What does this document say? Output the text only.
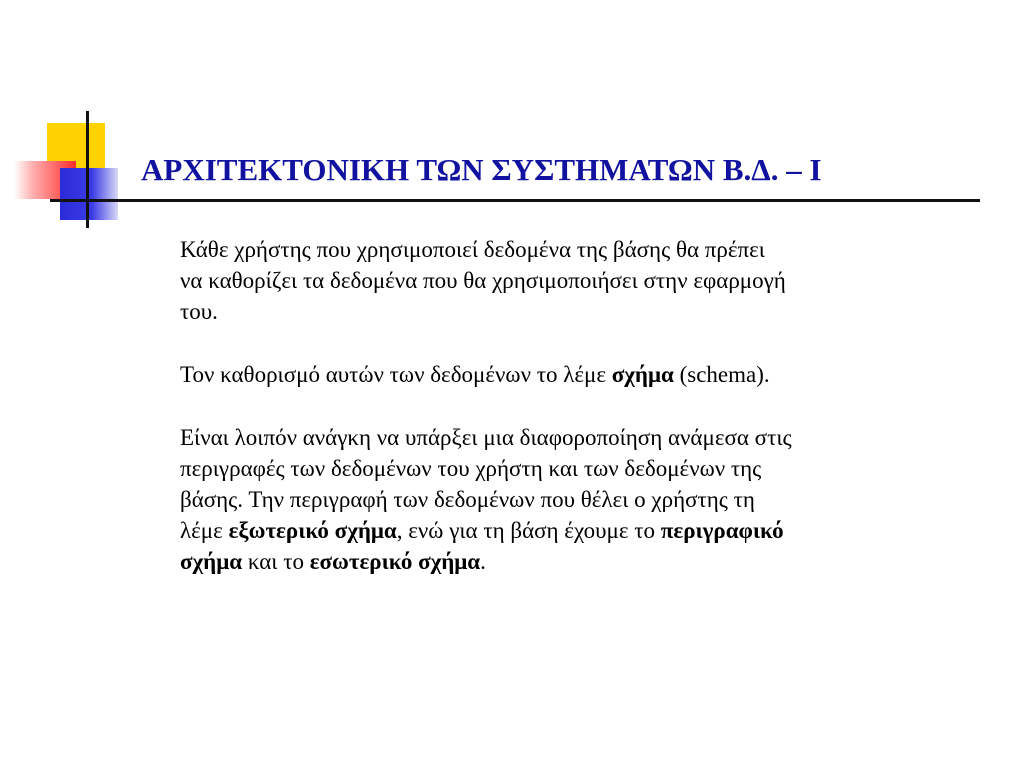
ΑΡΧΙΤΕΚΤΟΝΙΚΗ ΤΩΝ ΣΥΣΤΗΜΑΤΩΝ Β.Δ. – Ι

Κάθε χρήστης που χρησιμοποιεί δεδομένα της βάσης θα πρέπει
να καθορίζει τα δεδομένα που θα χρησιμοποιήσει στην εφαρμογή
του.

Τον καθορισμό αυτών των δεδομένων το λέμε σχήμα (schema).

Είναι λοιπόν ανάγκη να υπάρξει μια διαφοροποίηση ανάμεσα στις
περιγραφές των δεδομένων του χρήστη και των δεδομένων της
βάσης. Την περιγραφή των δεδομένων που θέλει ο χρήστης τη
λέμε εξωτερικό σχήμα, ενώ για τη βάση έχουμε το περιγραφικό
σχήμα και το εσωτερικό σχήμα.
